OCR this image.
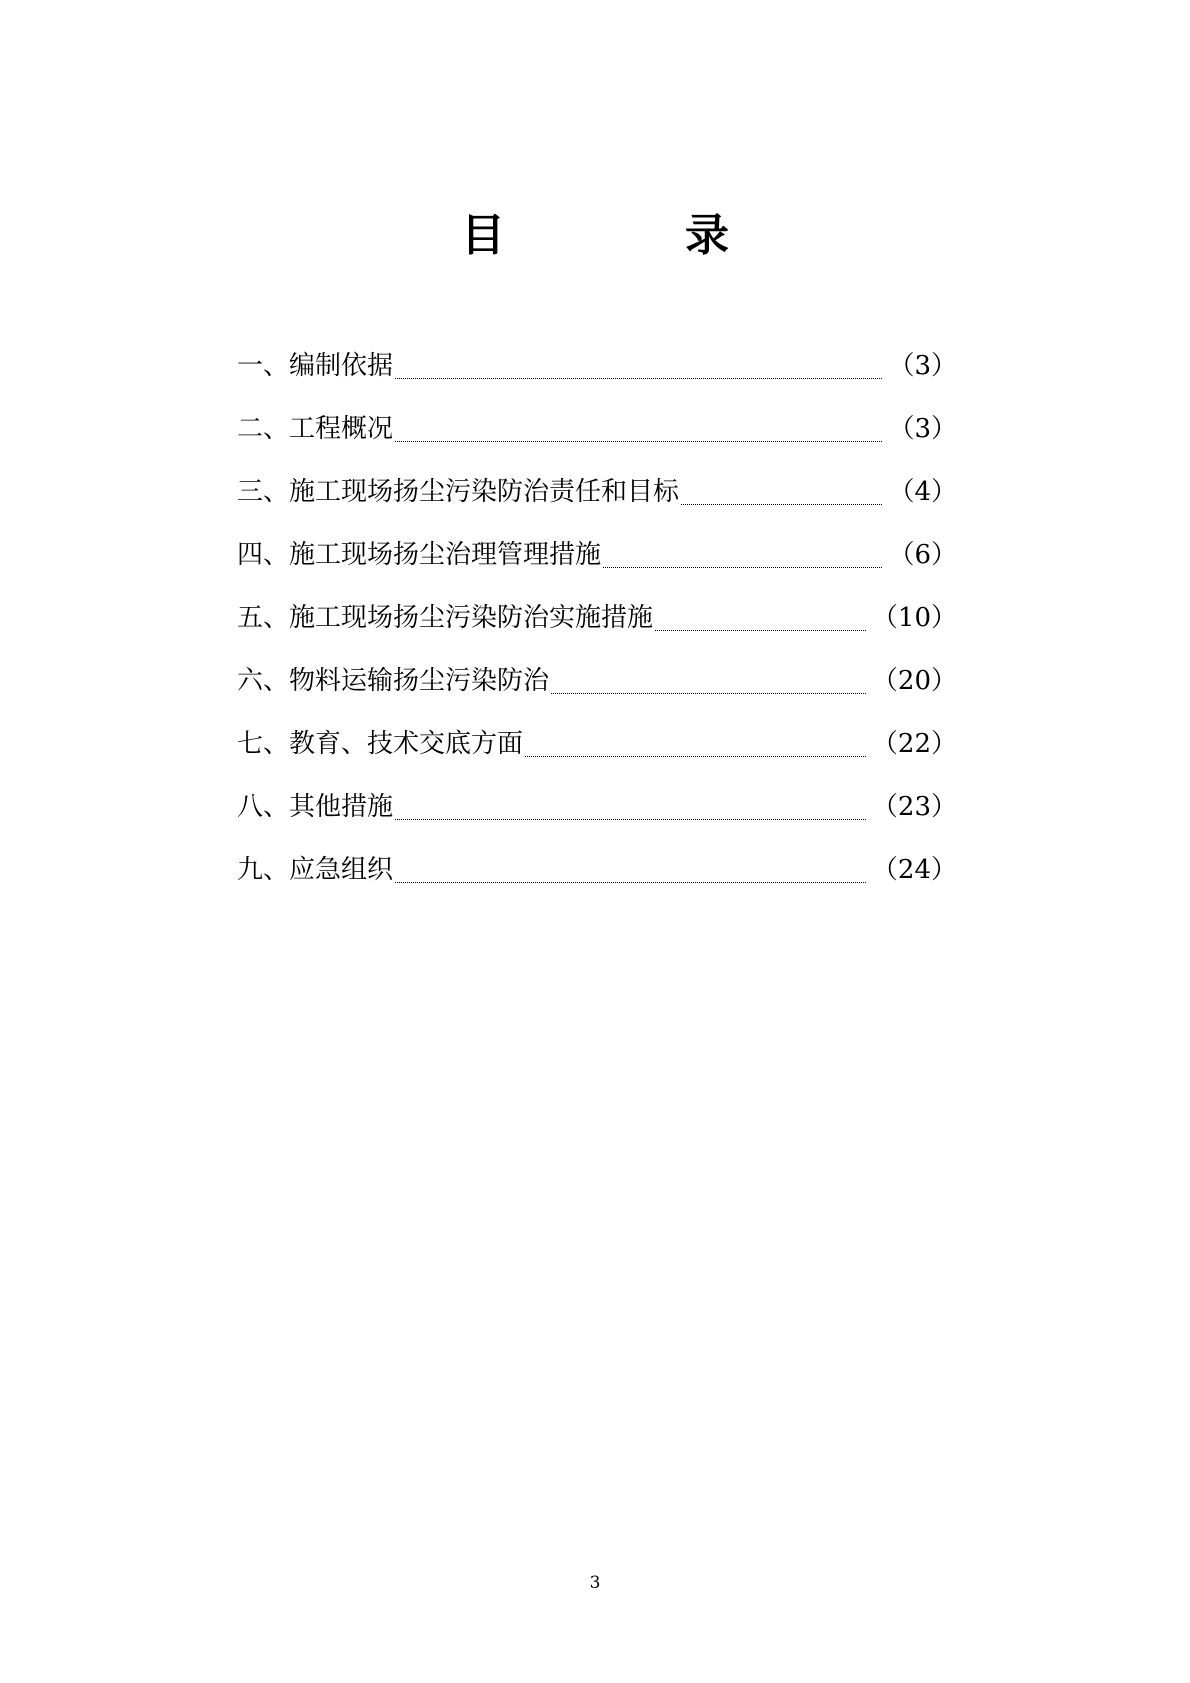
目　录
一、编制依据	（3）
二、工程概况	（3）
三、施工现场扬尘污染防治责任和目标	（4）
四、施工现场扬尘治理管理措施	（6）
五、施工现场扬尘污染防治实施措施	（10）
六、物料运输扬尘污染防治	（20）
七、教育、技术交底方面	（22）
八、其他措施	（23）
九、应急组织	（24）
3
